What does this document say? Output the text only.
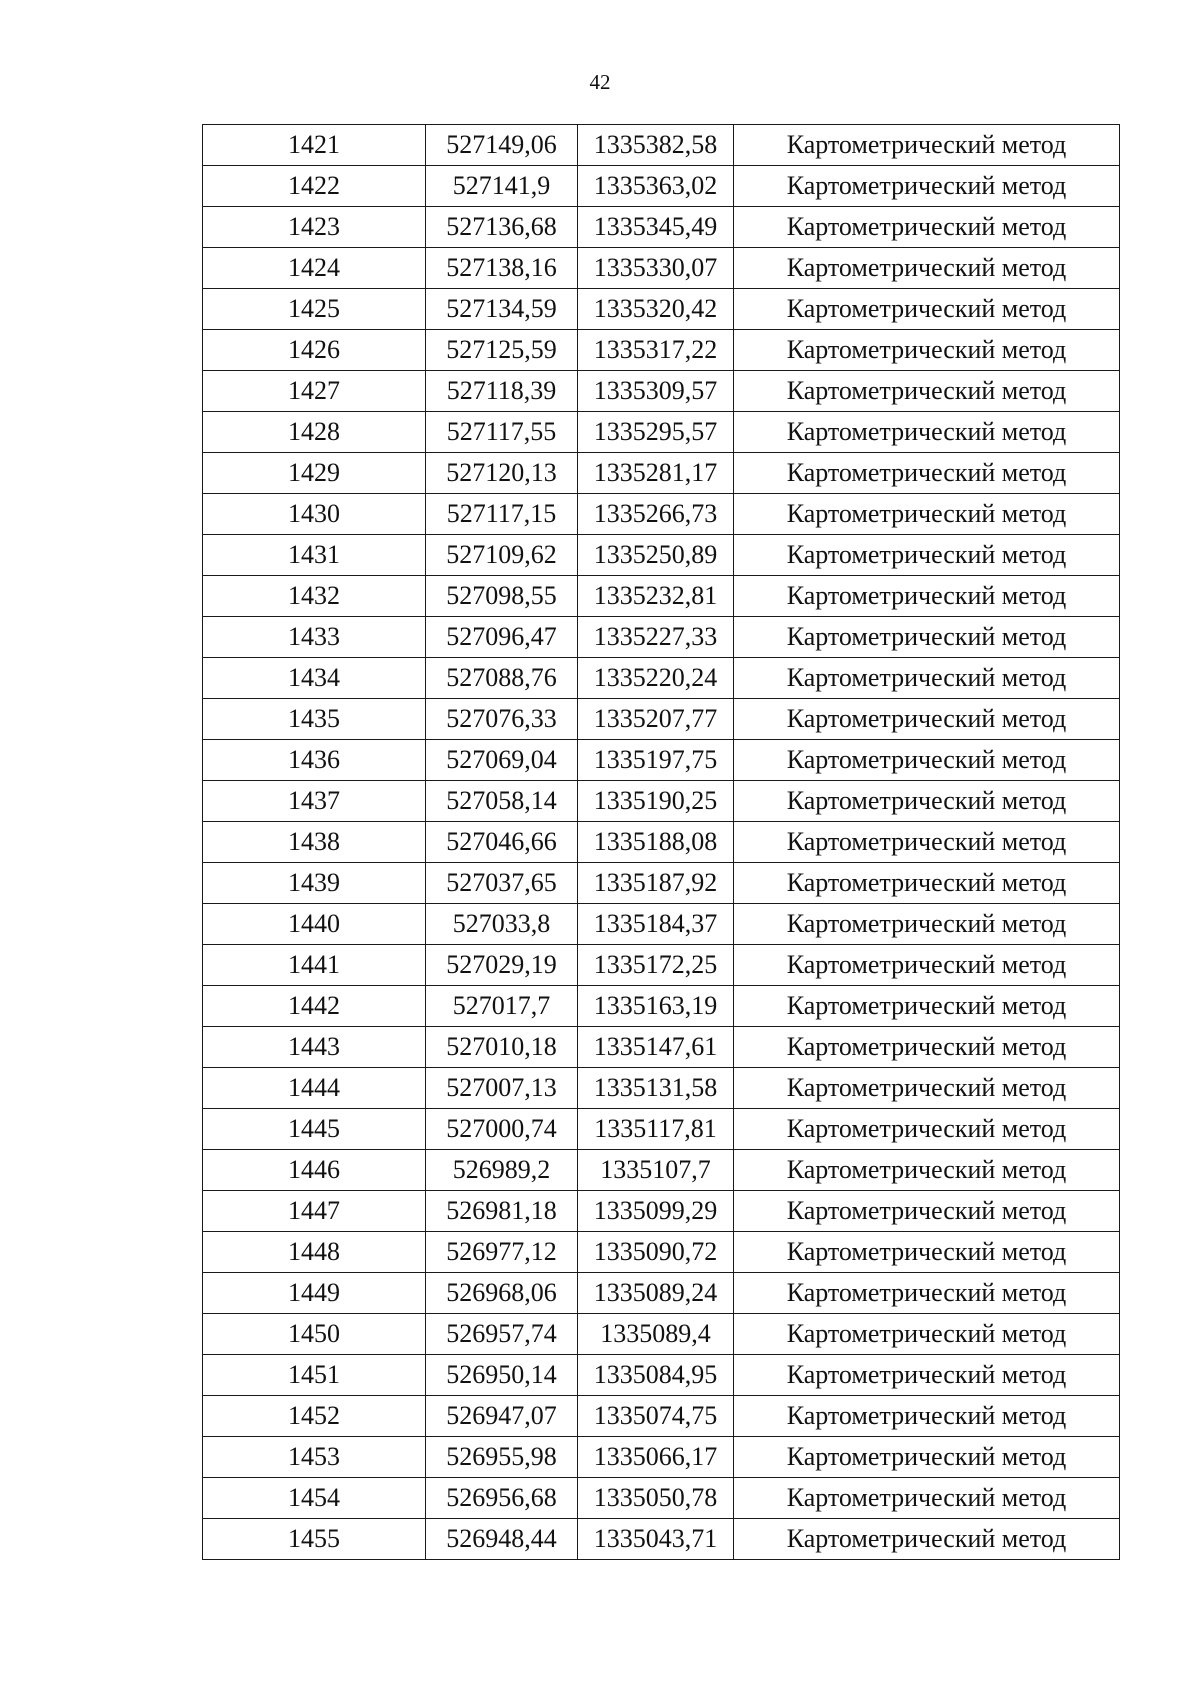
42
1421	527149,06	1335382,58	Картометрический метод
1422	527141,9	1335363,02	Картометрический метод
1423	527136,68	1335345,49	Картометрический метод
1424	527138,16	1335330,07	Картометрический метод
1425	527134,59	1335320,42	Картометрический метод
1426	527125,59	1335317,22	Картометрический метод
1427	527118,39	1335309,57	Картометрический метод
1428	527117,55	1335295,57	Картометрический метод
1429	527120,13	1335281,17	Картометрический метод
1430	527117,15	1335266,73	Картометрический метод
1431	527109,62	1335250,89	Картометрический метод
1432	527098,55	1335232,81	Картометрический метод
1433	527096,47	1335227,33	Картометрический метод
1434	527088,76	1335220,24	Картометрический метод
1435	527076,33	1335207,77	Картометрический метод
1436	527069,04	1335197,75	Картометрический метод
1437	527058,14	1335190,25	Картометрический метод
1438	527046,66	1335188,08	Картометрический метод
1439	527037,65	1335187,92	Картометрический метод
1440	527033,8	1335184,37	Картометрический метод
1441	527029,19	1335172,25	Картометрический метод
1442	527017,7	1335163,19	Картометрический метод
1443	527010,18	1335147,61	Картометрический метод
1444	527007,13	1335131,58	Картометрический метод
1445	527000,74	1335117,81	Картометрический метод
1446	526989,2	1335107,7	Картометрический метод
1447	526981,18	1335099,29	Картометрический метод
1448	526977,12	1335090,72	Картометрический метод
1449	526968,06	1335089,24	Картометрический метод
1450	526957,74	1335089,4	Картометрический метод
1451	526950,14	1335084,95	Картометрический метод
1452	526947,07	1335074,75	Картометрический метод
1453	526955,98	1335066,17	Картометрический метод
1454	526956,68	1335050,78	Картометрический метод
1455	526948,44	1335043,71	Картометрический метод
